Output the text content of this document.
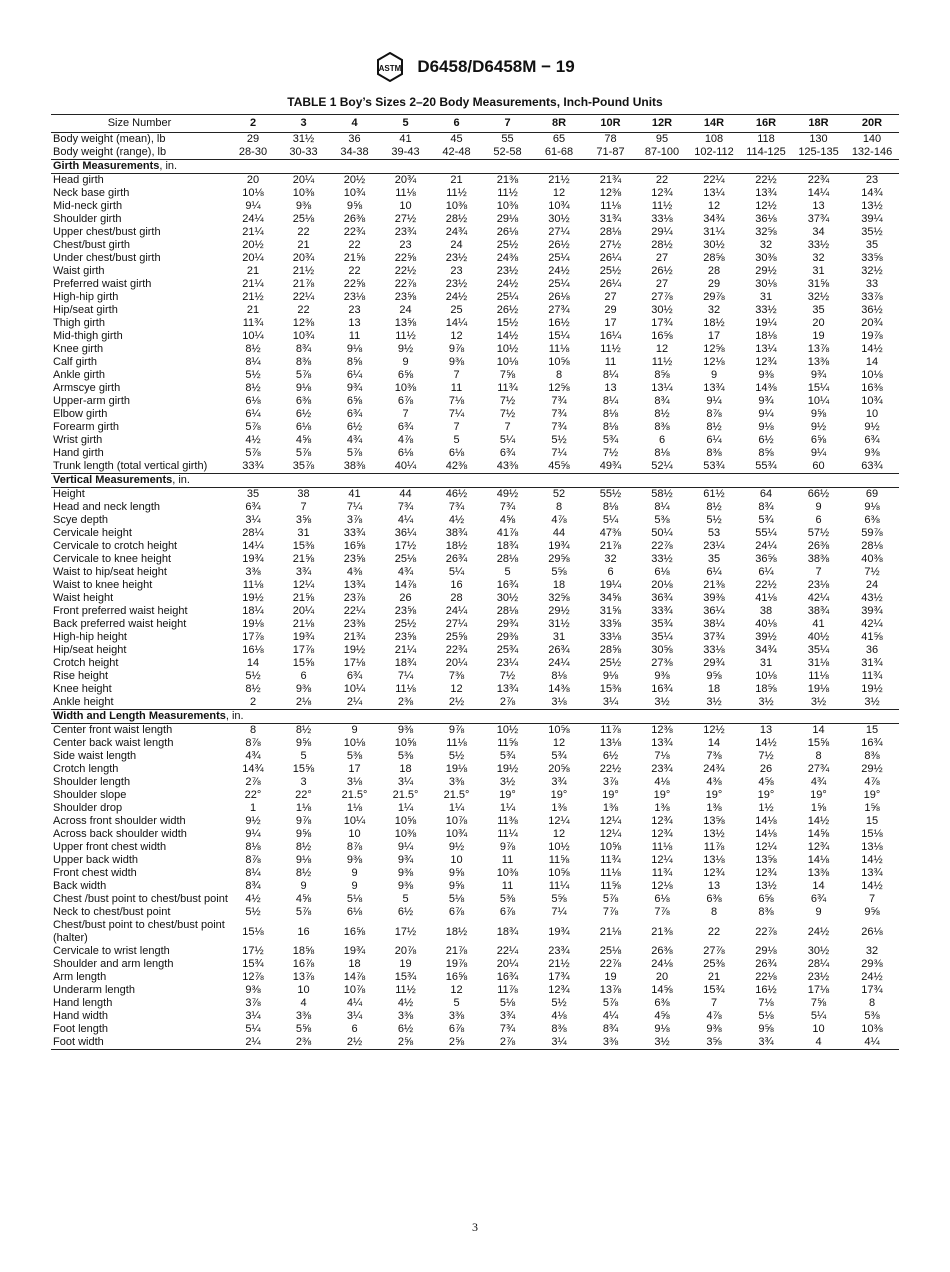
ASTM D6458/D6458M − 19
TABLE 1 Boy’s Sizes 2–20 Body Measurements, Inch-Pound Units
Size Number	2	3	4	5	6	7	8R	10R	12R	14R	16R	18R	20R
Body weight (mean), lb	29	31½	36	41	45	55	65	78	95	108	118	130	140
Body weight (range), lb	28-30	30-33	34-38	39-43	42-48	52-58	61-68	71-87	87-100	102-112	114-125	125-135	132-146
Girth Measurements, in.													
Head girth	20	20¼	20½	20¾	21	21⅜	21½	21¾	22	22¼	22½	22¾	23
Neck base girth	10⅛	10⅜	10¾	11⅛	11½	11½	12	12⅜	12¾	13¼	13¾	14¼	14¾
Mid-neck girth	9¼	9⅜	9⅝	10	10⅜	10⅜	10¾	11⅛	11½	12	12½	13	13½
Shoulder girth	24¼	25⅛	26⅜	27½	28½	29⅛	30½	31¾	33⅛	34¾	36⅛	37¾	39¼
Upper chest/bust girth	21¼	22	22¾	23¾	24¾	26⅛	27¼	28⅛	29¼	31¼	32⅝	34	35½
Chest/bust girth	20½	21	22	23	24	25½	26½	27½	28½	30½	32	33½	35
Under chest/bust girth	20¼	20¾	21⅝	22⅝	23½	24⅜	25¼	26¼	27	28⅝	30⅜	32	33⅝
Waist girth	21	21½	22	22½	23	23½	24½	25½	26½	28	29½	31	32½
Preferred waist girth	21¼	21⅞	22⅝	22⅞	23½	24½	25¼	26¼	27	29	30⅛	31⅝	33
High-hip girth	21½	22¼	23⅛	23⅝	24½	25¼	26⅛	27	27⅞	29⅞	31	32½	33⅞
Hip/seat girth	21	22	23	24	25	26½	27¾	29	30½	32	33½	35	36½
Thigh girth	11¾	12⅜	13	13⅝	14¼	15½	16½	17	17¾	18½	19¼	20	20¾
Mid-thigh girth	10¼	10¾	11	11½	12	14½	15¼	16¼	16⅝	17	18⅛	19	19⅞
Knee girth	8½	8¾	9⅛	9½	9⅞	10½	11⅛	11½	12	12⅝	13¼	13⅞	14½
Calf girth	8¼	8⅜	8⅝	9	9⅜	10⅛	10⅝	11	11½	12⅛	12¾	13⅜	14
Ankle girth	5½	5⅞	6¼	6⅝	7	7⅝	8	8¼	8⅝	9	9⅜	9¾	10⅛
Armscye girth	8½	9⅛	9¾	10⅜	11	11¾	12⅝	13	13¼	13¾	14⅜	15¼	16⅜
Upper-arm girth	6⅛	6⅜	6⅝	6⅞	7⅛	7½	7¾	8¼	8¾	9¼	9¾	10¼	10¾
Elbow girth	6¼	6½	6¾	7	7¼	7½	7¾	8⅛	8½	8⅞	9¼	9⅝	10
Forearm girth	5⅞	6⅛	6½	6¾	7	7	7¾	8⅛	8⅜	8½	9⅛	9½	9½
Wrist girth	4½	4⅝	4¾	4⅞	5	5¼	5½	5¾	6	6¼	6½	6⅝	6¾
Hand girth	5⅞	5⅞	5⅞	6⅛	6⅛	6¾	7¼	7½	8⅛	8⅜	8⅝	9¼	9⅜
Trunk length (total vertical girth)	33¾	35⅞	38⅜	40¼	42⅜	43⅜	45⅝	49¾	52¼	53¾	55¾	60	63¾
Vertical Measurements, in.													
Height	35	38	41	44	46½	49½	52	55½	58½	61½	64	66½	69
Head and neck length	6¾	7	7¼	7¾	7¾	7¾	8	8⅛	8¼	8½	8¾	9	9⅛
Scye depth	3¼	3⅝	3⅞	4¼	4½	4⅝	4⅞	5¼	5⅜	5½	5¾	6	6⅜
Cervicale height	28¼	31	33¾	36¼	38¾	41⅞	44	47⅜	50¼	53	55¼	57½	59⅞
Cervicale to crotch height	14¼	15⅜	16⅝	17½	18½	18¾	19¾	21⅞	22⅞	23¼	24¼	26⅜	28⅛
Cervicale to knee height	19¾	21⅝	23⅝	25⅛	26¾	28⅛	29⅝	32	33½	35	36⅝	38⅜	40⅜
Waist to hip/seat height	3⅜	3¾	4⅜	4¾	5¼	5	5⅝	6	6⅛	6¼	6¼	7	7½
Waist to knee height	11⅛	12¼	13¾	14⅞	16	16¾	18	19¼	20⅛	21⅜	22½	23⅛	24
Waist height	19½	21⅝	23⅞	26	28	30½	32⅝	34⅝	36¾	39⅜	41⅛	42¼	43½
Front preferred waist height	18¼	20¼	22¼	23⅝	24¼	28⅛	29½	31⅝	33¾	36¼	38	38¾	39¾
Back preferred waist height	19⅛	21⅛	23⅜	25½	27¼	29¾	31½	33⅝	35¾	38¼	40⅛	41	42¼
High-hip height	17⅞	19¾	21¾	23⅝	25⅝	29⅜	31	33⅛	35¼	37¾	39½	40½	41⅝
Hip/seat height	16⅛	17⅞	19½	21¼	22¾	25¾	26¾	28⅝	30⅝	33⅛	34¾	35¼	36
Crotch height	14	15⅝	17⅛	18¾	20¼	23¼	24¼	25½	27⅜	29¾	31	31⅛	31¾
Rise height	5½	6	6¾	7¼	7⅜	7½	8⅛	9⅛	9⅜	9⅝	10⅛	11⅛	11¾
Knee height	8½	9⅜	10¼	11⅛	12	13¾	14⅜	15⅜	16¾	18	18⅝	19⅛	19½
Ankle height	2	2⅛	2¼	2⅜	2½	2⅞	3⅛	3¼	3½	3½	3½	3½	3½
Width and Length Measurements, in.													
Center front waist length	8	8½	9	9⅜	9⅞	10½	10⅝	11⅞	12⅜	12½	13	14	15
Center back waist length	8⅞	9⅝	10⅛	10⅝	11⅛	11⅝	12	13⅛	13¾	14	14½	15⅝	16¾
Side waist length	4¾	5	5⅜	5⅜	5½	5¾	5¾	6½	7⅛	7⅜	7½	8	8⅜
Crotch length	14¾	15⅝	17	18	19⅛	19½	20⅝	22½	23¾	24¾	26	27¾	29½
Shoulder length	2⅞	3	3⅛	3¼	3⅜	3½	3¾	3⅞	4⅛	4⅜	4⅝	4¾	4⅞
Shoulder slope	22°	22°	21.5°	21.5°	21.5°	19°	19°	19°	19°	19°	19°	19°	19°
Shoulder drop	1	1⅛	1⅛	1¼	1¼	1¼	1⅜	1⅜	1⅜	1⅜	1½	1⅝	1⅝
Across front shoulder width	9½	9⅞	10¼	10⅝	10⅞	11⅜	12¼	12¼	12¾	13⅝	14⅛	14½	15
Across back shoulder width	9¼	9⅝	10	10⅜	10¾	11¼	12	12¼	12¾	13½	14⅛	14⅝	15⅛
Upper front chest width	8⅛	8½	8⅞	9¼	9½	9⅞	10½	10⅝	11⅛	11⅞	12¼	12¾	13⅛
Upper back width	8⅞	9⅛	9⅜	9¾	10	11	11⅝	11¾	12¼	13⅛	13⅝	14⅛	14½
Front chest width	8¼	8½	9	9⅜	9⅝	10⅜	10⅝	11⅛	11¾	12¾	12¾	13⅜	13¾
Back width	8¾	9	9	9⅜	9⅝	11	11¼	11⅝	12⅛	13	13½	14	14½
Chest /bust point to chest/bust point	4½	4⅝	5⅛	5	5⅛	5⅜	5⅝	5⅞	6⅛	6⅜	6⅝	6¾	7
Neck to chest/bust point	5½	5⅞	6⅛	6½	6⅞	6⅞	7¼	7⅞	7⅞	8	8⅜	9	9⅝
Chest/bust point to chest/bust point (halter)	15⅛	16	16⅝	17½	18½	18¾	19¾	21⅛	21⅜	22	22⅞	24½	26⅛
Cervicale to wrist length	17½	18⅝	19¾	20⅞	21⅞	22¼	23¾	25⅛	26⅜	27⅞	29⅛	30½	32
Shoulder and arm length	15¾	16⅞	18	19	19⅞	20¼	21½	22⅞	24⅛	25⅜	26¾	28¼	29⅜
Arm length	12⅞	13⅞	14⅞	15¾	16⅝	16¾	17¾	19	20	21	22⅛	23½	24½
Underarm length	9⅜	10	10⅞	11½	12	11⅞	12¾	13⅞	14⅝	15¾	16½	17⅛	17¾
Hand length	3⅞	4	4¼	4½	5	5⅛	5½	5⅞	6⅜	7	7⅛	7⅝	8
Hand width	3¼	3⅜	3¼	3⅜	3⅜	3¾	4⅛	4¼	4⅝	4⅞	5⅛	5¼	5⅜
Foot length	5¼	5⅝	6	6½	6⅞	7¾	8⅜	8¾	9⅛	9⅜	9⅝	10	10⅜
Foot width	2¼	2⅜	2½	2⅝	2⅝	2⅞	3¼	3⅜	3½	3⅝	3¾	4	4¼
3
